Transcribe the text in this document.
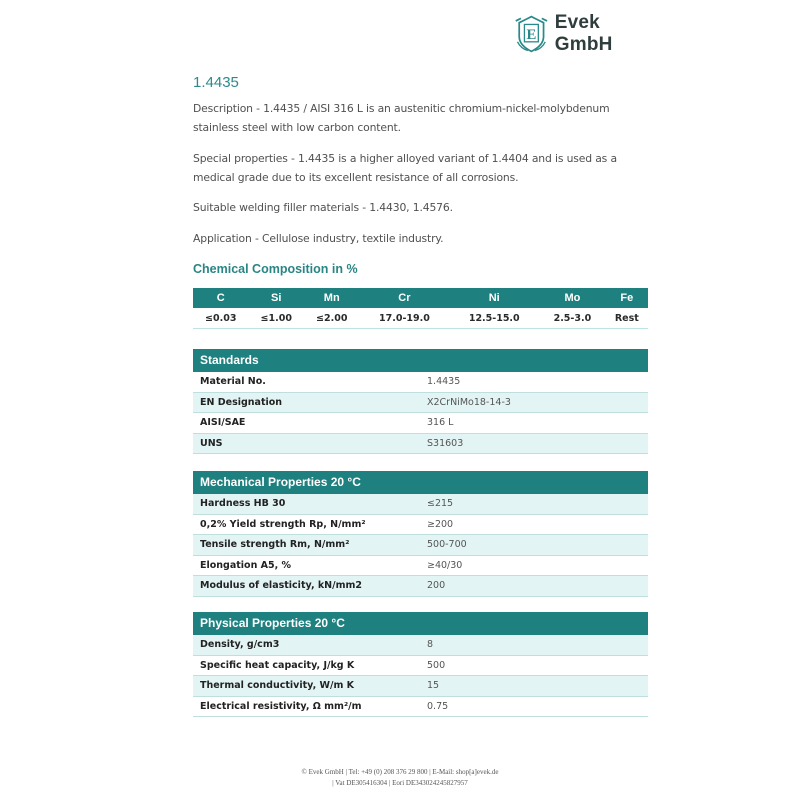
E
Evek GmbH
1.4435
Description - 1.4435 / AISI 316 L is an austenitic chromium-nickel-molybdenum stainless steel with low carbon content.
Special properties - 1.4435 is a higher alloyed variant of 1.4404 and is used as a medical grade due to its excellent resistance of all corrosions.
Suitable welding filler materials - 1.4430, 1.4576.
Application - Cellulose industry, textile industry.
Chemical Composition in %
C	Si	Mn	Cr	Ni	Mo	Fe
≤0.03	≤1.00	≤2.00	17.0-19.0	12.5-15.0	2.5-3.0	Rest
Standards
Material No.	1.4435
EN Designation	X2CrNiMo18-14-3
AISI/SAE	316 L
UNS	S31603
Mechanical Properties 20 °C
Hardness HB 30	≤215
0,2% Yield strength Rp, N/mm²	≥200
Tensile strength Rm, N/mm²	500-700
Elongation A5, %	≥40/30
Modulus of elasticity, kN/mm2	200
Physical Properties 20 °C
Density, g/cm3	8
Specific heat capacity, J/kg K	500
Thermal conductivity, W/m K	15
Electrical resistivity, Ω mm²/m	0.75
© Evek GmbH | Tel: +49 (0) 208 376 29 800 | E-Mail: shop[a]evek.de
| Vat DE305416304 | Eori DE343024245827957
